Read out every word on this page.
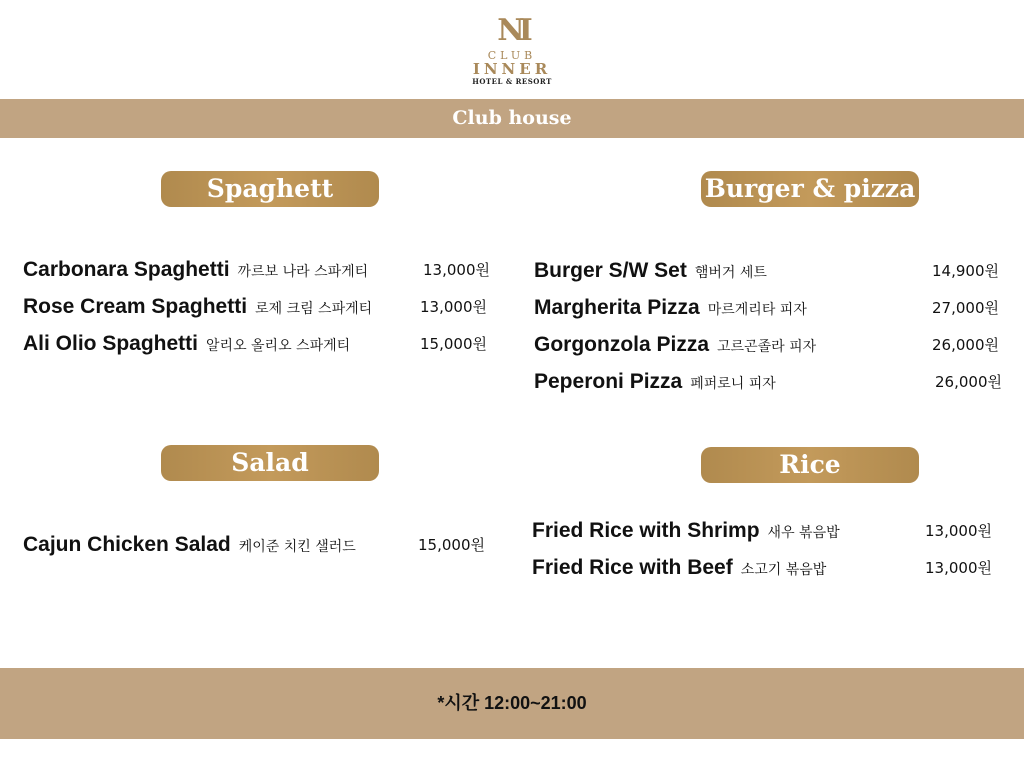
NI
CLUB
INNER
HOTEL & RESORT
Club house
Spaghett	Burger & pizza
Salad	Rice
Carbonara Spaghetti 까르보 나라 스파게티	13,000원
Rose Cream Spaghetti 로제 크림 스파게티	13,000원
Ali Olio Spaghetti 알리오 올리오 스파게티	15,000원
Burger S/W Set 햄버거 세트	14,900원
Margherita Pizza 마르게리타 피자	27,000원
Gorgonzola Pizza 고르곤졸라 피자	26,000원
Peperoni Pizza 페퍼로니 피자	26,000원
Cajun Chicken Salad 케이준 치킨 샐러드	15,000원
Fried Rice with Shrimp 새우 볶음밥	13,000원
Fried Rice with Beef 소고기 볶음밥	13,000원
*시간 12:00~21:00
